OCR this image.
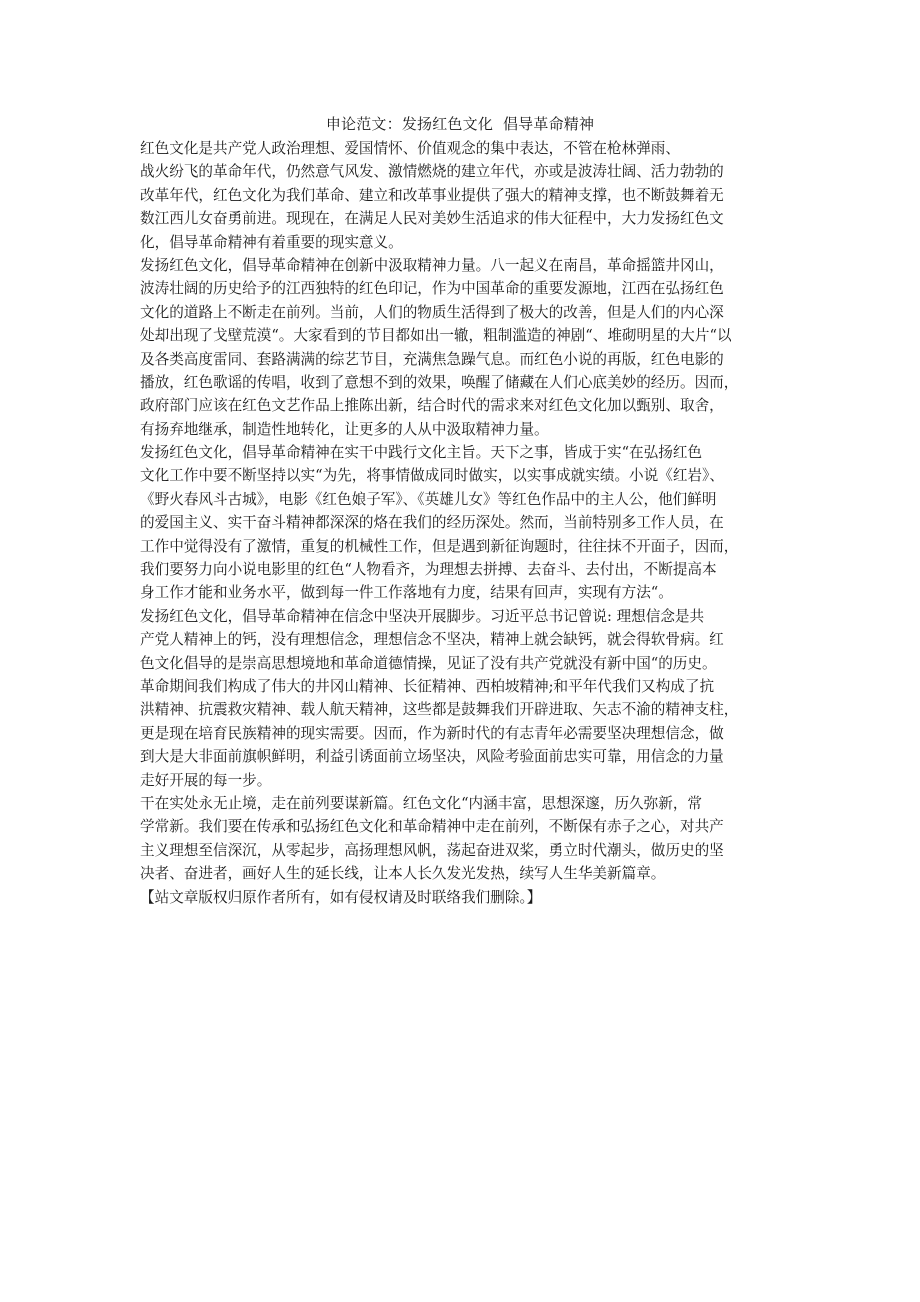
申论范文：发扬红色文化  倡导革命精神
红色文化是共产党人政治理想、爱国情怀、价值观念的集中表达，不管在枪林弹雨、
战火纷飞的革命年代，仍然意气风发、激情燃烧的建立年代，亦或是波涛壮阔、活力勃勃的
改革年代，红色文化为我们革命、建立和改革事业提供了强大的精神支撑，也不断鼓舞着无
数江西儿女奋勇前进。现现在，在满足人民对美妙生活追求的伟大征程中，大力发扬红色文
化，倡导革命精神有着重要的现实意义。
发扬红色文化，倡导革命精神在创新中汲取精神力量。八一起义在南昌，革命摇篮井冈山，
波涛壮阔的历史给予的江西独特的红色印记，作为中国革命的重要发源地，江西在弘扬红色
文化的道路上不断走在前列。当前，人们的物质生活得到了极大的改善，但是人们的内心深
处却出现了戈壁荒漠“。大家看到的节目都如出一辙，粗制滥造的神剧“、堆砌明星的大片“以
及各类高度雷同、套路满满的综艺节目，充满焦急躁气息。而红色小说的再版，红色电影的
播放，红色歌谣的传唱，收到了意想不到的效果，唤醒了储藏在人们心底美妙的经历。因而，
政府部门应该在红色文艺作品上推陈出新，结合时代的需求来对红色文化加以甄别、取舍，
有扬弃地继承，制造性地转化，让更多的人从中汲取精神力量。
发扬红色文化，倡导革命精神在实干中践行文化主旨。天下之事，皆成于实“在弘扬红色
文化工作中要不断坚持以实“为先，将事情做成同时做实，以实事成就实绩。小说《红岩》、
《野火春风斗古城》，电影《红色娘子军》、《英雄儿女》等红色作品中的主人公，他们鲜明
的爱国主义、实干奋斗精神都深深的烙在我们的经历深处。然而，当前特别多工作人员，在
工作中觉得没有了激情，重复的机械性工作，但是遇到新征询题时，往往抹不开面子，因而，
我们要努力向小说电影里的红色“人物看齐，为理想去拼搏、去奋斗、去付出，不断提高本
身工作才能和业务水平，做到每一件工作落地有力度，结果有回声，实现有方法“。
发扬红色文化，倡导革命精神在信念中坚决开展脚步。习近平总书记曾说: 理想信念是共
产党人精神上的钙，没有理想信念，理想信念不坚决，精神上就会缺钙，就会得软骨病。红
色文化倡导的是崇高思想境地和革命道德情操，见证了没有共产党就没有新中国“的历史。
革命期间我们构成了伟大的井冈山精神、长征精神、西柏坡精神;和平年代我们又构成了抗
洪精神、抗震救灾精神、载人航天精神，这些都是鼓舞我们开辟进取、矢志不渝的精神支柱，
更是现在培育民族精神的现实需要。因而，作为新时代的有志青年必需要坚决理想信念，做
到大是大非面前旗帜鲜明，利益引诱面前立场坚决，风险考验面前忠实可靠，用信念的力量
走好开展的每一步。
干在实处永无止境，走在前列要谋新篇。红色文化“内涵丰富，思想深邃，历久弥新，常
学常新。我们要在传承和弘扬红色文化和革命精神中走在前列，不断保有赤子之心，对共产
主义理想至信深沉，从零起步，高扬理想风帆，荡起奋进双桨，勇立时代潮头，做历史的坚
决者、奋进者，画好人生的延长线，让本人长久发光发热，续写人生华美新篇章。
【站文章版权归原作者所有，如有侵权请及时联络我们删除。】
